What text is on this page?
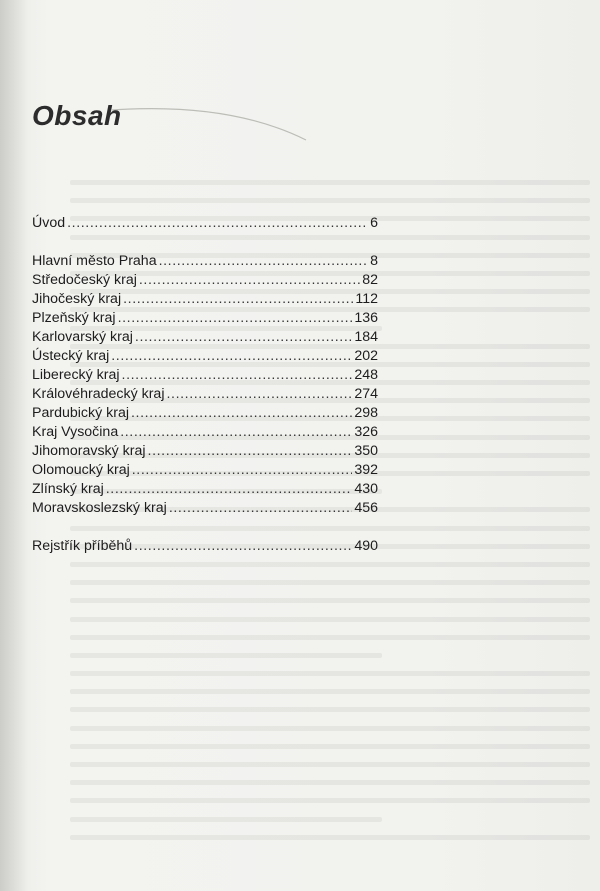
Obsah
Úvod .....	6
Hlavní město Praha .....	8
Středočeský kraj .....	82
Jihočeský kraj .....	112
Plzeňský kraj .....	136
Karlovarský kraj .....	184
Ústecký kraj .....	202
Liberecký kraj .....	248
Královéhradecký kraj .....	274
Pardubický kraj .....	298
Kraj Vysočina .....	326
Jihomoravský kraj .....	350
Olomoucký kraj .....	392
Zlínský kraj .....	430
Moravskoslezský kraj .....	456
Rejstřík příběhů .....	490
